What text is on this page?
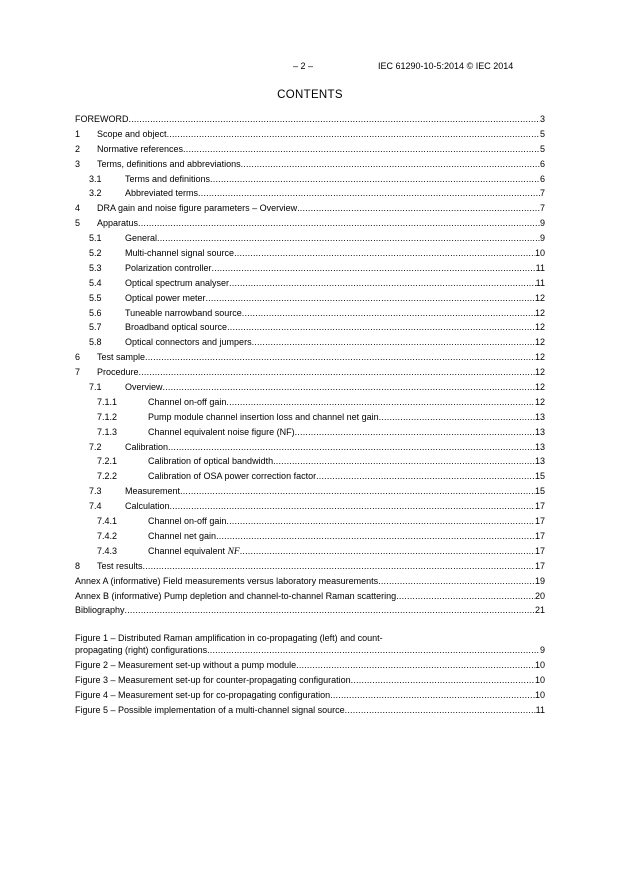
– 2 –	IEC 61290-10-5:2014 © IEC 2014
CONTENTS
FOREWORD .....	3
1 Scope and object .....	5
2 Normative references .....	5
3 Terms, definitions and abbreviations .....	6
3.1	Terms and definitions .....	6
3.2	Abbreviated terms .....	7
4 DRA gain and noise figure parameters – Overview .....	7
5 Apparatus .....	9
5.1	General .....	9
5.2	Multi-channel signal source .....	10
5.3	Polarization controller .....	11
5.4	Optical spectrum analyser .....	11
5.5	Optical power meter .....	12
5.6	Tuneable narrowband source .....	12
5.7	Broadband optical source .....	12
5.8	Optical connectors and jumpers .....	12
6 Test sample .....	12
7 Procedure .....	12
7.1	Overview .....	12
7.1.1	Channel on-off gain .....	12
7.1.2	Pump module channel insertion loss and channel net gain .....	13
7.1.3	Channel equivalent noise figure (NF) .....	13
7.2	Calibration .....	13
7.2.1	Calibration of optical bandwidth .....	13
7.2.2	Calibration of OSA power correction factor .....	15
7.3	Measurement .....	15
7.4	Calculation .....	17
7.4.1	Channel on-off gain .....	17
7.4.2	Channel net gain .....	17
7.4.3	Channel equivalent NF .....	17
8 Test results .....	17
Annex A (informative) Field measurements versus laboratory measurements .....	19
Annex B (informative) Pump depletion and channel-to-channel Raman scattering .....	20
Bibliography .....	21
Figure 1 – Distributed Raman amplification in co-propagating (left) and count-
propagating (right) configurations .....	9
Figure 2 – Measurement set-up without a pump module .....	10
Figure 3 – Measurement set-up for counter-propagating configuration .....	10
Figure 4 – Measurement set-up for co-propagating configuration .....	10
Figure 5 – Possible implementation of a multi-channel signal source .....	11
